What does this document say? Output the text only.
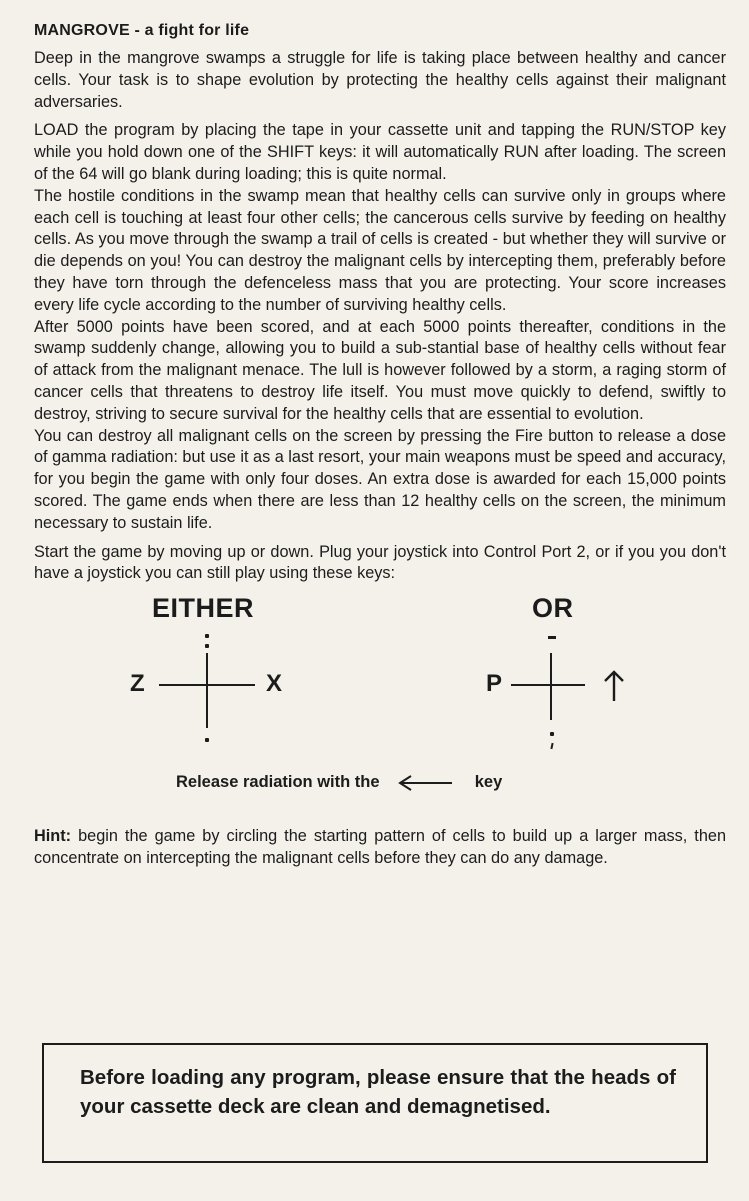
MANGROVE - a fight for life

Deep in the mangrove swamps a struggle for life is taking place between healthy and cancer cells. Your task is to shape evolution by protecting the healthy cells against their malignant adversaries.

LOAD the program by placing the tape in your cassette unit and tapping the RUN/STOP key while you hold down one of the SHIFT keys: it will automatically RUN after loading. The screen of the 64 will go blank during loading; this is quite normal.

The hostile conditions in the swamp mean that healthy cells can survive only in groups where each cell is touching at least four other cells; the cancerous cells survive by feeding on healthy cells. As you move through the swamp a trail of cells is created - but whether they will survive or die depends on you! You can destroy the malignant cells by intercepting them, preferably before they have torn through the defenceless mass that you are protecting. Your score increases every life cycle according to the number of surviving healthy cells.

After 5000 points have been scored, and at each 5000 points thereafter, conditions in the swamp suddenly change, allowing you to build a sub-stantial base of healthy cells without fear of attack from the malignant menace. The lull is however followed by a storm, a raging storm of cancer cells that threatens to destroy life itself. You must move quickly to defend, swiftly to destroy, striving to secure survival for the healthy cells that are essential to evolution.

You can destroy all malignant cells on the screen by pressing the Fire button to release a dose of gamma radiation: but use it as a last resort, your main weapons must be speed and accuracy, for you begin the game with only four doses. An extra dose is awarded for each 15,000 points scored. The game ends when there are less than 12 healthy cells on the screen, the minimum necessary to sustain life.

Start the game by moving up or down. Plug your joystick into Control Port 2, or if you you don't have a joystick you can still play using these keys:

EITHER	OR
Z	X	P
Release radiation with the	key
Hint: begin the game by circling the starting pattern of cells to build up a larger mass, then concentrate on intercepting the malignant cells before they can do any damage.

Before loading any program, please ensure that the heads of your cassette deck are clean and demagnetised.
